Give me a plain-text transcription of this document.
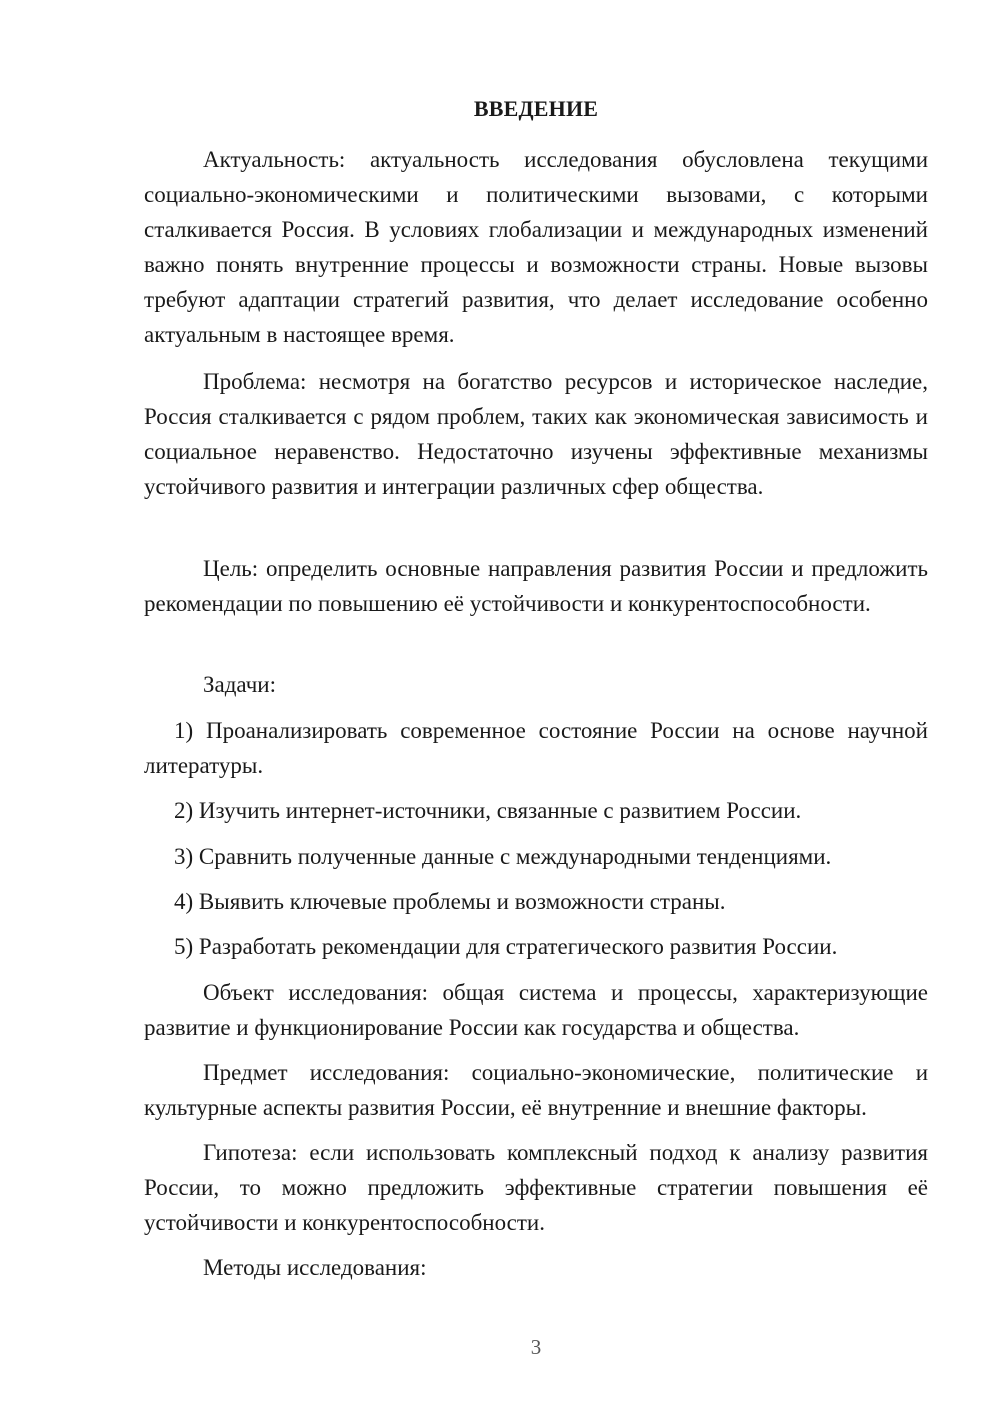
ВВЕДЕНИЕ

Актуальность: актуальность исследования обусловлена текущими социально-экономическими и политическими вызовами, с которыми сталкивается Россия. В условиях глобализации и международных изменений важно понять внутренние процессы и возможности страны. Новые вызовы требуют адаптации стратегий развития, что делает исследование особенно актуальным в настоящее время.

Проблема: несмотря на богатство ресурсов и историческое наследие, Россия сталкивается с рядом проблем, таких как экономическая зависимость и социальное неравенство. Недостаточно изучены эффективные механизмы устойчивого развития и интеграции различных сфер общества.

Цель: определить основные направления развития России и предложить рекомендации по повышению её устойчивости и конкурентоспособности.

Задачи:

1) Проанализировать современное состояние России на основе научной литературы.

2) Изучить интернет-источники, связанные с развитием России.

3) Сравнить полученные данные с международными тенденциями.

4) Выявить ключевые проблемы и возможности страны.

5) Разработать рекомендации для стратегического развития России.

Объект исследования: общая система и процессы, характеризующие развитие и функционирование России как государства и общества.

Предмет исследования: социально-экономические, политические и культурные аспекты развития России, её внутренние и внешние факторы.

Гипотеза: если использовать комплексный подход к анализу развития России, то можно предложить эффективные стратегии повышения её устойчивости и конкурентоспособности.

Методы исследования:

3
